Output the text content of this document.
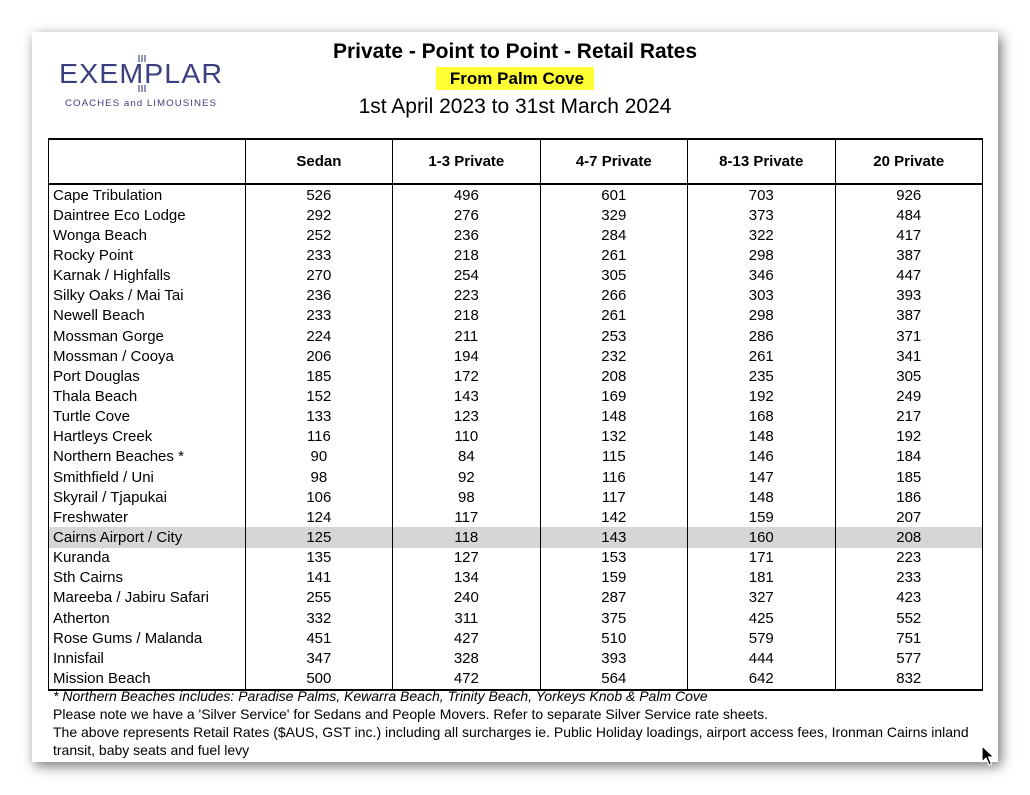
EXEMPLAR
COACHES and LIMOUSINES
Private - Point to Point - Retail Rates
From Palm Cove
1st April 2023 to 31st March 2024
	Sedan	1-3 Private	4-7 Private	8-13 Private	20 Private
Cape Tribulation	526	496	601	703	926
Daintree Eco Lodge	292	276	329	373	484
Wonga Beach	252	236	284	322	417
Rocky Point	233	218	261	298	387
Karnak / Highfalls	270	254	305	346	447
Silky Oaks / Mai Tai	236	223	266	303	393
Newell Beach	233	218	261	298	387
Mossman Gorge	224	211	253	286	371
Mossman / Cooya	206	194	232	261	341
Port Douglas	185	172	208	235	305
Thala Beach	152	143	169	192	249
Turtle Cove	133	123	148	168	217
Hartleys Creek	116	110	132	148	192
Northern Beaches *	90	84	115	146	184
Smithfield / Uni	98	92	116	147	185
Skyrail / Tjapukai	106	98	117	148	186
Freshwater	124	117	142	159	207
Cairns Airport / City	125	118	143	160	208
Kuranda	135	127	153	171	223
Sth Cairns	141	134	159	181	233
Mareeba / Jabiru Safari	255	240	287	327	423
Atherton	332	311	375	425	552
Rose Gums / Malanda	451	427	510	579	751
Innisfail	347	328	393	444	577
Mission Beach	500	472	564	642	832
* Northern Beaches includes: Paradise Palms, Kewarra Beach, Trinity Beach, Yorkeys Knob & Palm Cove
Please note we have a 'Silver Service' for Sedans and People Movers. Refer to separate Silver Service rate sheets.
The above represents Retail Rates ($AUS, GST inc.) including all surcharges ie. Public Holiday loadings, airport access fees, Ironman Cairns inland transit, baby seats and fuel levy
